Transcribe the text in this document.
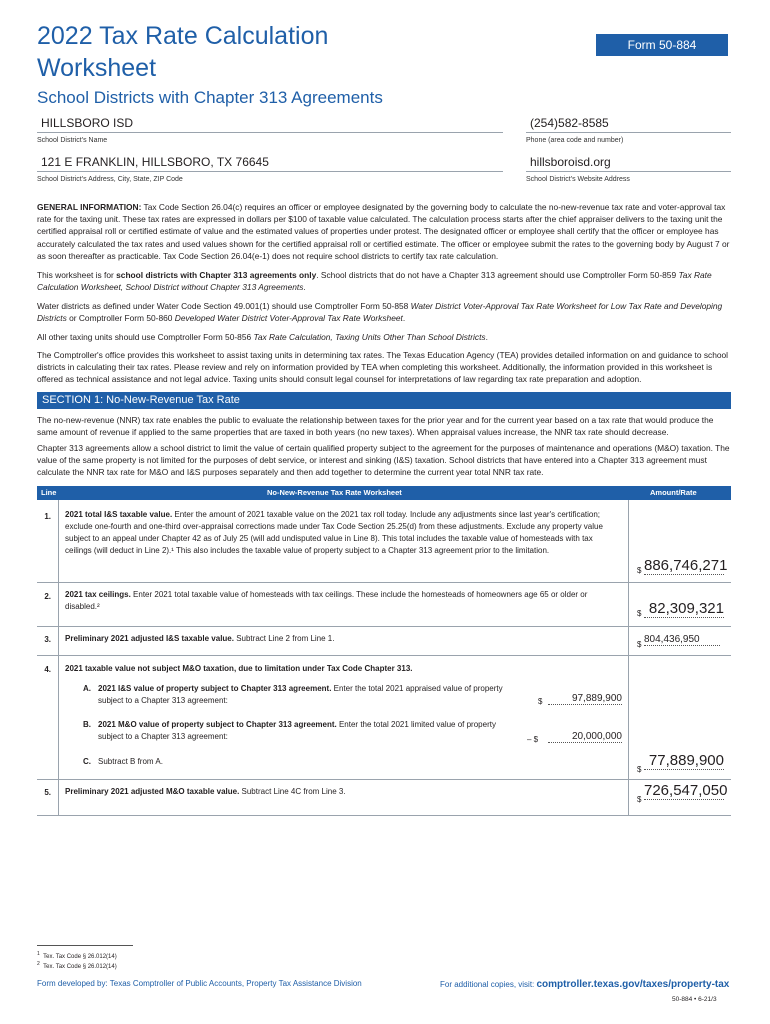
2022 Tax Rate Calculation Worksheet
Form 50-884
School Districts with Chapter 313 Agreements
HILLSBORO ISD
School District's Name
(254)582-8585
Phone (area code and number)
121 E FRANKLIN, HILLSBORO, TX 76645
School District's Address, City, State, ZIP Code
hillsboroisd.org
School District's Website Address
GENERAL INFORMATION: Tax Code Section 26.04(c) requires an officer or employee designated by the governing body to calculate the no-new-revenue tax rate and voter-approval tax rate for the taxing unit. These tax rates are expressed in dollars per $100 of taxable value calculated. The calculation process starts after the chief appraiser delivers to the taxing unit the certified appraisal roll or certified estimate of value and the estimated values of properties under protest. The designated officer or employee shall certify that the officer or employee has accurately calculated the tax rates and used values shown for the certified appraisal roll or certified estimate. The officer or employee submit the rates to the governing body by August 7 or as soon thereafter as practicable. Tax Code Section 26.04(e-1) does not require school districts to certify tax rate calculation.
This worksheet is for school districts with Chapter 313 agreements only. School districts that do not have a Chapter 313 agreement should use Comptroller Form 50-859 Tax Rate Calculation Worksheet, School District without Chapter 313 Agreements.
Water districts as defined under Water Code Section 49.001(1) should use Comptroller Form 50-858 Water District Voter-Approval Tax Rate Worksheet for Low Tax Rate and Developing Districts or Comptroller Form 50-860 Developed Water District Voter-Approval Tax Rate Worksheet.
All other taxing units should use Comptroller Form 50-856 Tax Rate Calculation, Taxing Units Other Than School Districts.
The Comptroller's office provides this worksheet to assist taxing units in determining tax rates. The Texas Education Agency (TEA) provides detailed information on and guidance to school districts in calculating their tax rates. Please review and rely on information provided by TEA when completing this worksheet. Additionally, the information provided in this worksheet is offered as technical assistance and not legal advice. Taxing units should consult legal counsel for interpretations of law regarding tax rate preparation and adoption.
SECTION 1: No-New-Revenue Tax Rate
The no-new-revenue (NNR) tax rate enables the public to evaluate the relationship between taxes for the prior year and for the current year based on a tax rate that would produce the same amount of revenue if applied to the same properties that are taxed in both years (no new taxes). When appraisal values increase, the NNR tax rate should decrease.
Chapter 313 agreements allow a school district to limit the value of certain qualified property subject to the agreement for the purposes of maintenance and operations (M&O) taxation. The value of the same property is not limited for the purposes of debt service, or interest and sinking (I&S) taxation. School districts that have entered into a Chapter 313 agreement must calculate the NNR tax rate for M&O and I&S purposes separately and then add together to determine the current year total NNR tax rate.
Line	No-New-Revenue Tax Rate Worksheet	Amount/Rate
1. 2021 total I&S taxable value. Enter the amount of 2021 taxable value on the 2021 tax roll today. Include any adjustments since last year's certification; exclude one-fourth and one-third over-appraisal corrections made under Tax Code Section 25.25(d) from these adjustments. Exclude any property value subject to an appeal under Chapter 42 as of July 25 (will add undisputed value in Line 8). This total includes the taxable value of homesteads with tax ceilings (will deduct in Line 2).¹ This also includes the taxable value of property subject to a Chapter 313 agreement prior to the limitation.
$ 886,746,271
2. 2021 tax ceilings. Enter 2021 total taxable value of homesteads with tax ceilings. These include the homesteads of homeowners age 65 or older or disabled.²
$ 82,309,321
3. Preliminary 2021 adjusted I&S taxable value. Subtract Line 2 from Line 1.
$ 804,436,950
4. 2021 taxable value not subject M&O taxation, due to limitation under Tax Code Chapter 313.
A. 2021 I&S value of property subject to Chapter 313 agreement. Enter the total 2021 appraised value of property subject to a Chapter 313 agreement:	$	97,889,900
B. 2021 M&O value of property subject to Chapter 313 agreement. Enter the total 2021 limited value of property subject to a Chapter 313 agreement:	– $	20,000,000
C. Subtract B from A.
$
77,889,900
5. Preliminary 2021 adjusted M&O taxable value. Subtract Line 4C from Line 3.
$
726,547,050
$^1$ Tex. Tax Code § 26.012(14)
$^2$ Tex. Tax Code § 26.012(14)
Form developed by: Texas Comptroller of Public Accounts, Property Tax Assistance Division	For additional copies, visit: comptroller.texas.gov/taxes/property-tax
50-884 • 6-21/3
